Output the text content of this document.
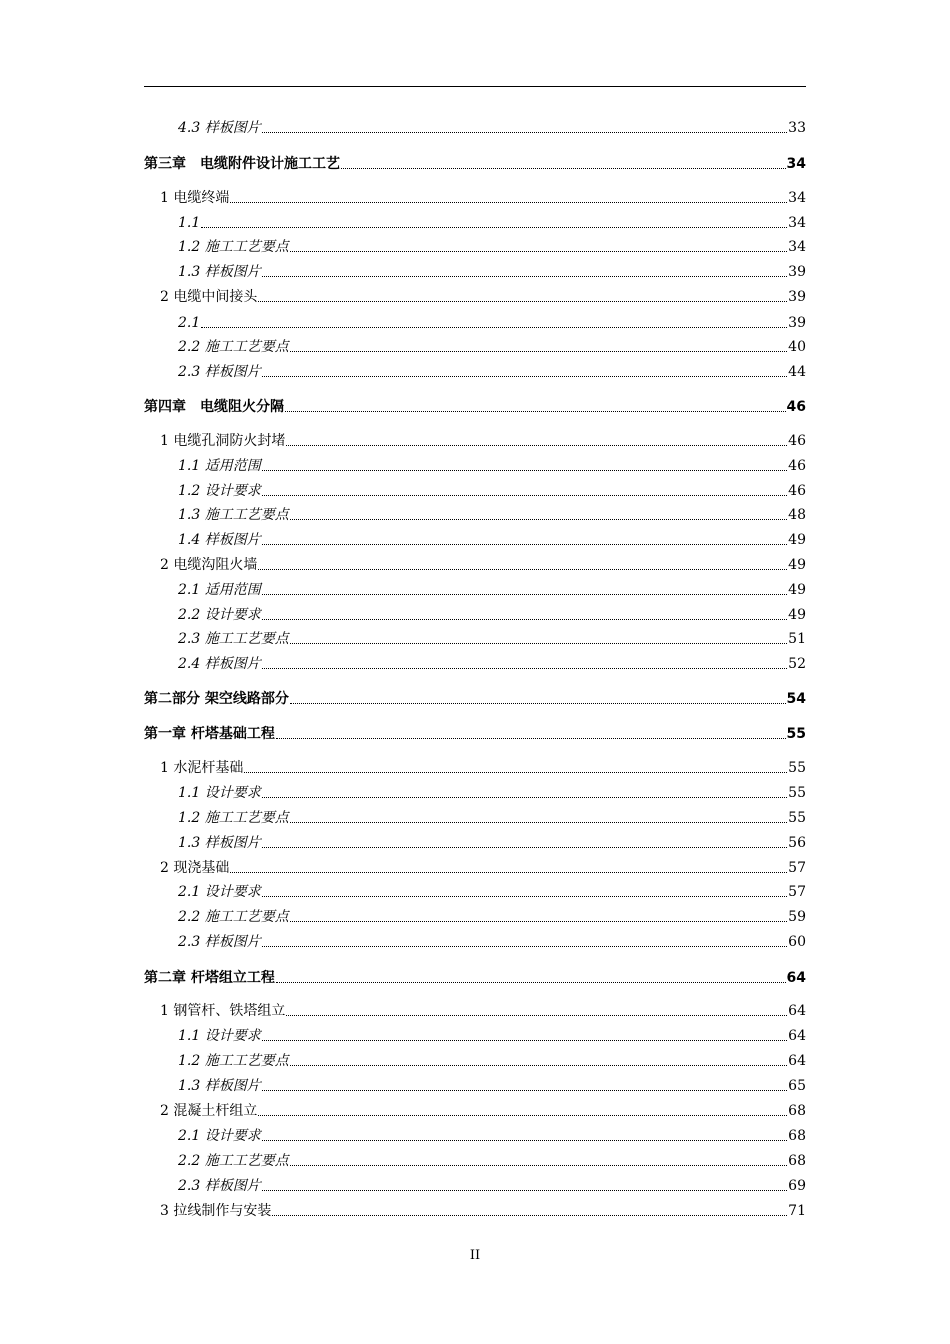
4.3 样板图片	33
第三章　电缆附件设计施工工艺	34
1 电缆终端	34
1.1	34
1.2 施工工艺要点	34
1.3 样板图片	39
2 电缆中间接头	39
2.1	39
2.2 施工工艺要点	40
2.3 样板图片	44
第四章　电缆阻火分隔	46
1 电缆孔洞防火封堵	46
1.1 适用范围	46
1.2 设计要求	46
1.3 施工工艺要点	48
1.4 样板图片	49
2 电缆沟阻火墙	49
2.1 适用范围	49
2.2 设计要求	49
2.3 施工工艺要点	51
2.4 样板图片	52
第二部分 架空线路部分	54
第一章 杆塔基础工程	55
1 水泥杆基础	55
1.1 设计要求	55
1.2 施工工艺要点	55
1.3 样板图片	56
2 现浇基础	57
2.1 设计要求	57
2.2 施工工艺要点	59
2.3 样板图片	60
第二章 杆塔组立工程	64
1 钢管杆、铁塔组立	64
1.1 设计要求	64
1.2 施工工艺要点	64
1.3 样板图片	65
2 混凝土杆组立	68
2.1 设计要求	68
2.2 施工工艺要点	68
2.3 样板图片	69
3 拉线制作与安装	71
II
